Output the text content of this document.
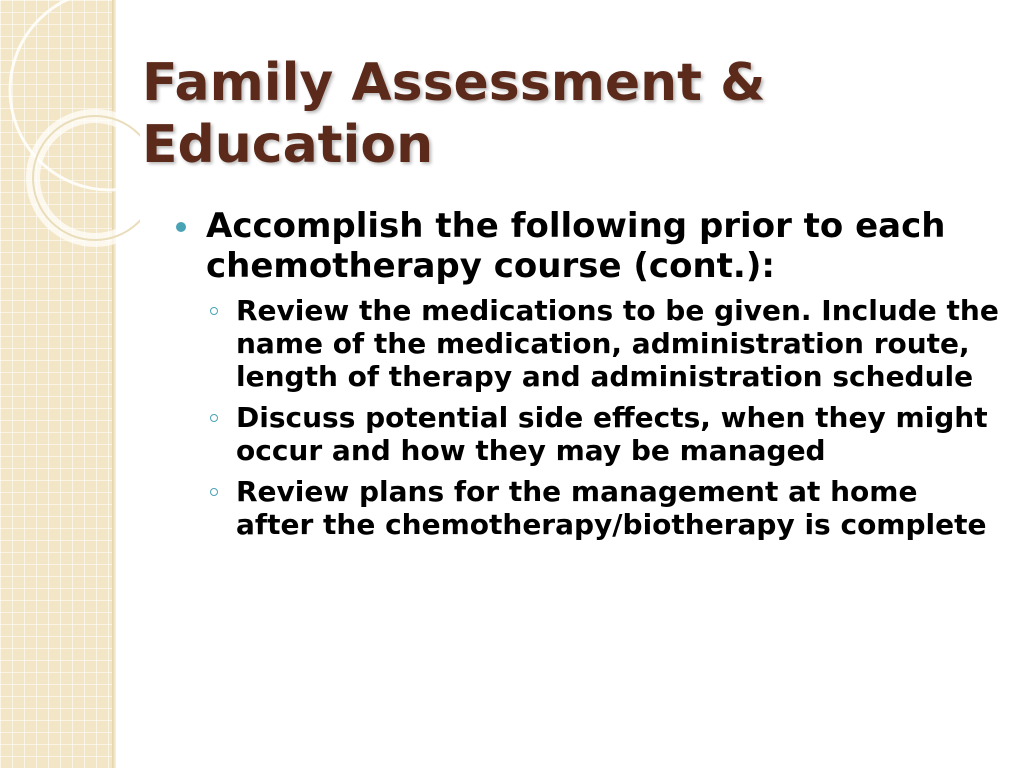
Family Assessment & Education
Accomplish the following prior to each chemotherapy course (cont.):
Review the medications to be given. Include the name of the medication, administration route, length of therapy and administration schedule
Discuss potential side effects, when they might occur and how they may be managed
Review plans for the management at home after the chemotherapy/biotherapy is complete
